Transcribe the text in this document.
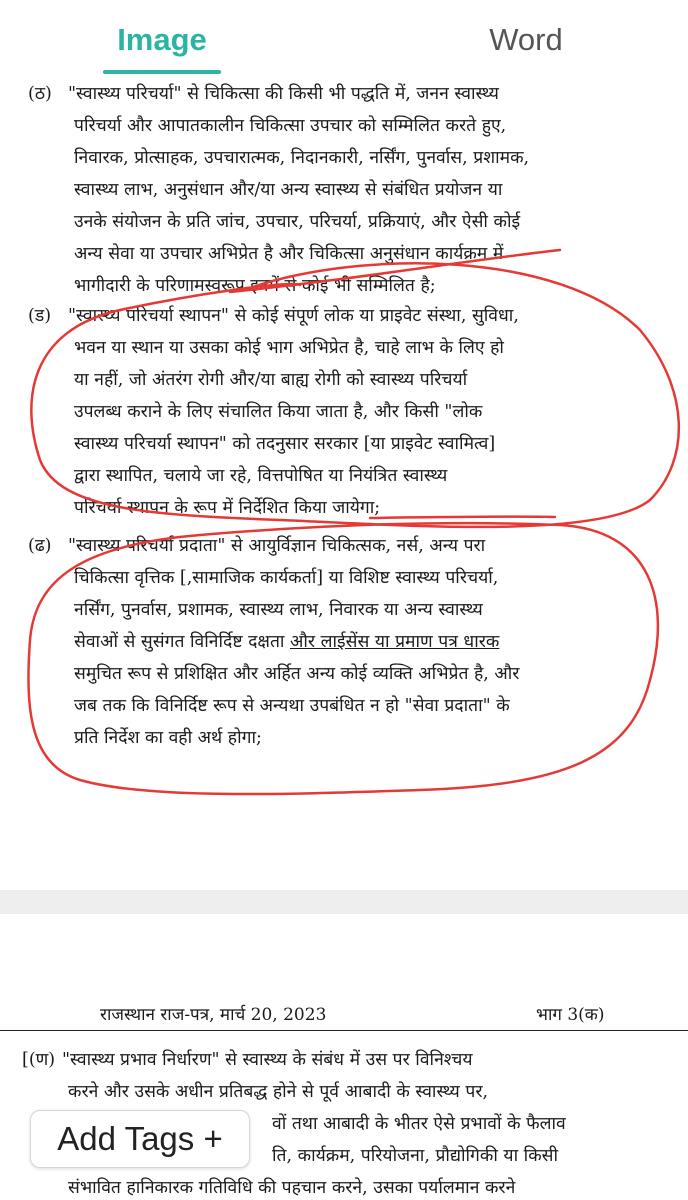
Image	Word
(ठ) "स्वास्थ्य परिचर्या" से चिकित्सा की किसी भी पद्धति में, जनन स्वास्थ्य
परिचर्या और आपातकालीन चिकित्सा उपचार को सम्मिलित करते हुए,
निवारक, प्रोत्साहक, उपचारात्मक, निदानकारी, नर्सिंग, पुनर्वास, प्रशामक,
स्वास्थ्य लाभ, अनुसंधान और/या अन्य स्वास्थ्य से संबंधित प्रयोजन या
उनके संयोजन के प्रति जांच, उपचार, परिचर्या, प्रक्रियाएं, और ऐसी कोई
अन्य सेवा या उपचार अभिप्रेत है और चिकित्सा अनुसंधान कार्यक्रम में
भागीदारी के परिणामस्वरूप इनमें से कोई भी सम्मिलित है;
(ड) "स्वास्थ्य परिचर्या स्थापन" से कोई संपूर्ण लोक या प्राइवेट संस्था, सुविधा,
भवन या स्थान या उसका कोई भाग अभिप्रेत है, चाहे लाभ के लिए हो
या नहीं, जो अंतरंग रोगी और/या बाह्य रोगी को स्वास्थ्य परिचर्या
उपलब्ध कराने के लिए संचालित किया जाता है, और किसी "लोक
स्वास्थ्य परिचर्या स्थापन" को तदनुसार सरकार [या प्राइवेट स्वामित्व]
द्वारा स्थापित, चलाये जा रहे, वित्तपोषित या नियंत्रित स्वास्थ्य
परिचर्या स्थापन के रूप में निर्देशित किया जायेगा;
(ढ) "स्वास्थ्य परिचर्या प्रदाता" से आयुर्विज्ञान चिकित्सक, नर्स, अन्य परा
चिकित्सा वृत्तिक [,सामाजिक कार्यकर्ता] या विशिष्ट स्वास्थ्य परिचर्या,
नर्सिंग, पुनर्वास, प्रशामक, स्वास्थ्य लाभ, निवारक या अन्य स्वास्थ्य
सेवाओं से सुसंगत विनिर्दिष्ट दक्षता और लाईसेंस या प्रमाण पत्र धारक
समुचित रूप से प्रशिक्षित और अर्हित अन्य कोई व्यक्ति अभिप्रेत है, और
जब तक कि विनिर्दिष्ट रूप से अन्यथा उपबंधित न हो "सेवा प्रदाता" के
प्रति निर्देश का वही अर्थ होगा;
राजस्थान राज-पत्र, मार्च 20, 2023	भाग 3(क)
[(ण) "स्वास्थ्य प्रभाव निर्धारण" से स्वास्थ्य के संबंध में उस पर विनिश्चय
करने और उसके अधीन प्रतिबद्ध होने से पूर्व आबादी के स्वास्थ्य पर,
वों तथा आबादी के भीतर ऐसे प्रभावों के फैलाव
ति, कार्यक्रम, परियोजना, प्रौद्योगिकी या किसी
संभावित हानिकारक गतिविधि की पहचान करने, उसका पर्यालमान करने
Add Tags +
